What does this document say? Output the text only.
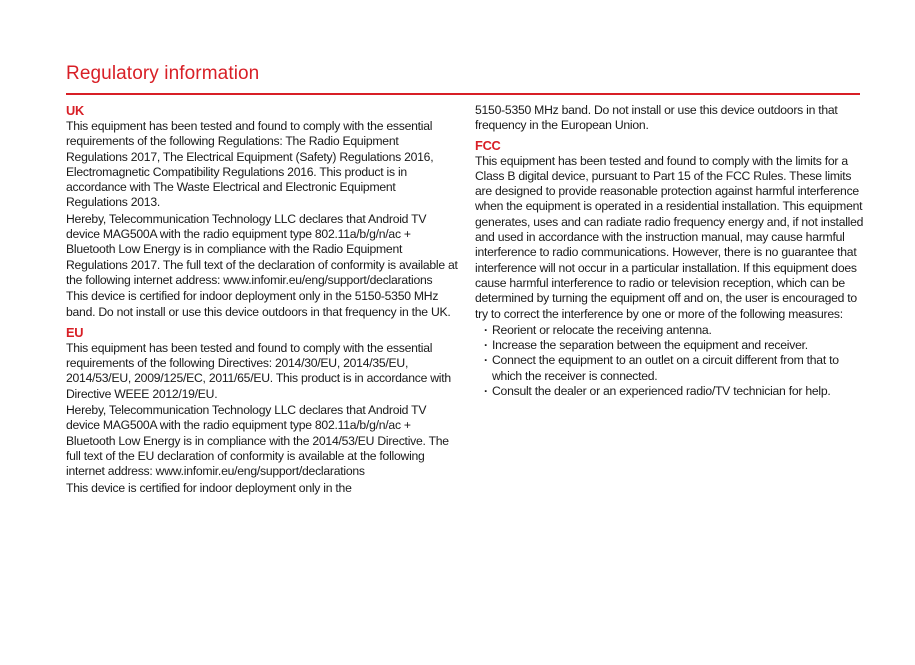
Regulatory information

UK

This equipment has been tested and found to comply with the essential requirements of the following Regulations: The Radio Equipment Regulations 2017, The Electrical Equipment (Safety) Regulations 2016, Electromagnetic Compatibility Regulations 2016. This product is in accordance with The Waste Electrical and Electronic Equipment Regulations 2013.

Hereby, Telecommunication Technology LLC declares that Android TV device MAG500A with the radio equipment type 802.11a/b/g/n/ac + Bluetooth Low Energy is in compliance with the Radio Equipment Regulations 2017. The full text of the declaration of conformity is available at the following internet address: www.infomir.eu/eng/support/declarations

This device is certified for indoor deployment only in the 5150-5350 MHz band. Do not install or use this device outdoors in that frequency in the UK.

EU

This equipment has been tested and found to comply with the essential requirements of the following Directives: 2014/30/EU, 2014/35/EU, 2014/53/EU, 2009/125/EC, 2011/65/EU. This product is in accordance with Directive WEEE 2012/19/EU.

Hereby, Telecommunication Technology LLC declares that Android TV device MAG500A with the radio equipment type 802.11a/b/g/n/ac + Bluetooth Low Energy is in compliance with the 2014/53/EU Directive. The full text of the EU declaration of conformity is available at the following internet address: www.infomir.eu/eng/support/declarations

This device is certified for indoor deployment only in the

5150-5350 MHz band. Do not install or use this device outdoors in that frequency in the European Union.

FCC

This equipment has been tested and found to comply with the limits for a Class B digital device, pursuant to Part 15 of the FCC Rules. These limits are designed to provide reasonable protection against harmful interference when the equipment is operated in a residential installation. This equipment generates, uses and can radiate radio frequency energy and, if not installed and used in accordance with the instruction manual, may cause harmful interference to radio communications. However, there is no guarantee that interference will not occur in a particular installation. If this equipment does cause harmful interference to radio or television reception, which can be determined by turning the equipment off and on, the user is encouraged to try to correct the interference by one or more of the following measures:

· Reorient or relocate the receiving antenna.
· Increase the separation between the equipment and receiver.
· Connect the equipment to an outlet on a circuit different from that to which the receiver is connected.
· Consult the dealer or an experienced radio/TV technician for help.
